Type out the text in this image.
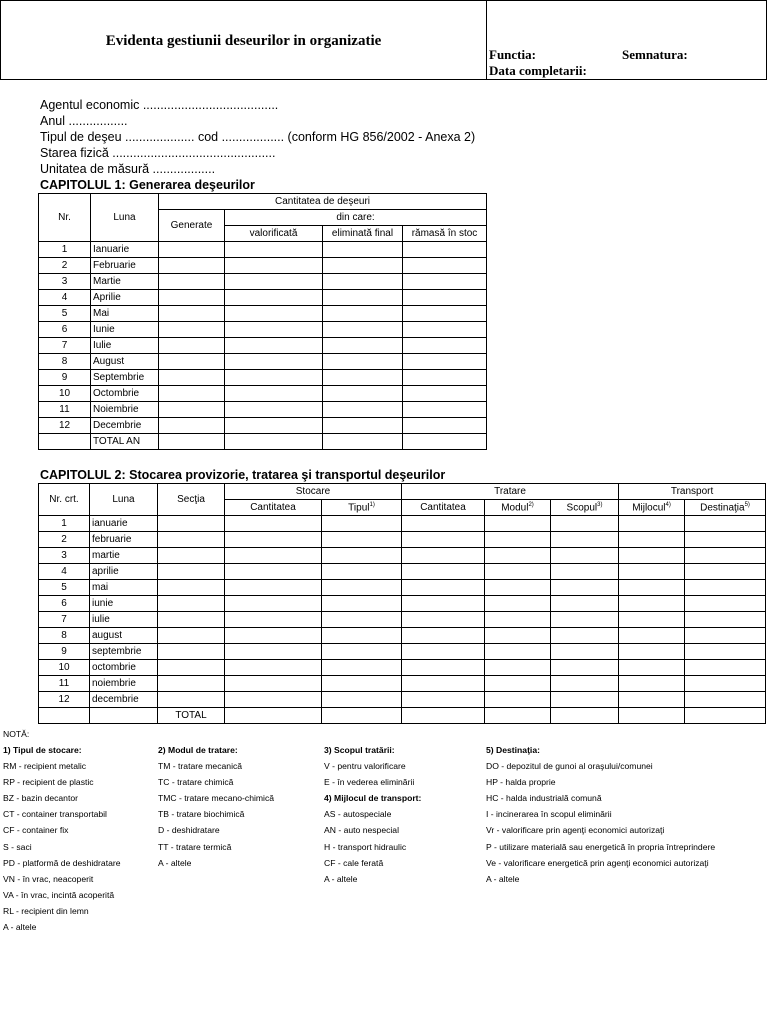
Evidenta gestiunii deseurilor in organizatie
Functia:	Semnatura:
Data completarii:
Agentul economic .......................................
Anul .................
Tipul de deşeu .................... cod .................. (conform HG 856/2002 - Anexa 2)
Starea fizică ...............................................
Unitatea de măsură ..................
CAPITOLUL 1: Generarea deşeurilor
Nr.	Luna	Cantitatea de deşeuri			
		Generate	din care:		
			valorificată	eliminată final	rămasă în stoc
1	Ianuarie				
2	Februarie				
3	Martie				
4	Aprilie				
5	Mai				
6	Iunie				
7	Iulie				
8	August				
9	Septembrie				
10	Octombrie				
11	Noiembrie				
12	Decembrie				
	TOTAL AN				
CAPITOLUL 2: Stocarea provizorie, tratarea şi transportul deşeurilor
Nr. crt.	Luna	Secţia	Stocare		Tratare			Transport	
			Cantitatea	Tipul$^{1)}$	Cantitatea	Modul$^{2)}$	Scopul$^{3)}$	Mijlocul$^{4)}$	Destinaţia$^{5)}$
1	ianuarie								
2	februarie								
3	martie								
4	aprilie								
5	mai								
6	iunie								
7	iulie								
8	august								
9	septembrie								
10	octombrie								
11	noiembrie								
12	decembrie								
		TOTAL							
NOTĂ:
1) Tipul de stocare:
RM - recipient metalic
RP - recipient de plastic
BZ - bazin decantor
CT - container transportabil
CF - container fix
S - saci
PD - platformă de deshidratare
VN - în vrac, neacoperit
VA - în vrac, incintă acoperită
RL - recipient din lemn
A - altele
2) Modul de tratare:
TM - tratare mecanică
TC - tratare chimică
TMC - tratare mecano-chimică
TB - tratare biochimică
D - deshidratare
TT - tratare termică
A - altele
3) Scopul tratării:
V - pentru valorificare
E - în vederea eliminării
4) Mijlocul de transport:
AS - autospeciale
AN - auto nespecial
H - transport hidraulic
CF - cale ferată
A - altele
5) Destinaţia:
DO - depozitul de gunoi al oraşului/comunei
HP - halda proprie
HC - halda industrială comună
I - incinerarea în scopul eliminării
Vr - valorificare prin agenţi economici autorizaţi
P - utilizare materială sau energetică în propria întreprindere
Ve - valorificare energetică prin agenţi economici autorizaţi
A - altele
